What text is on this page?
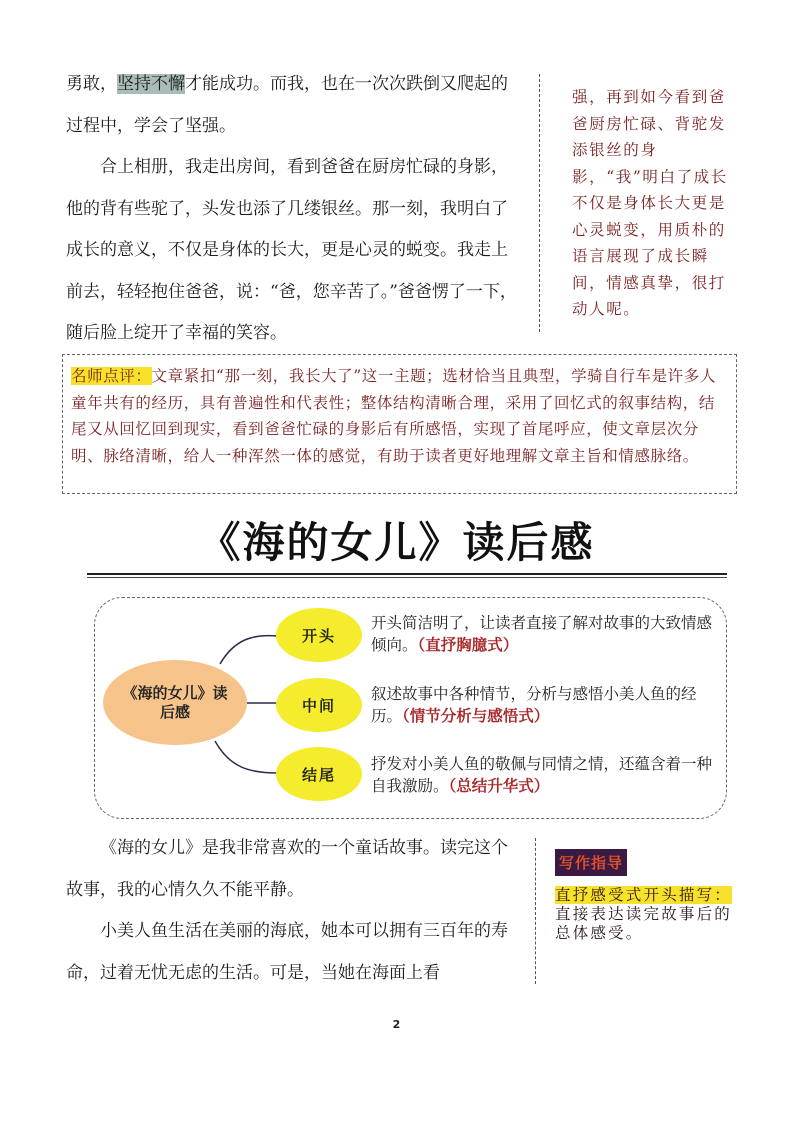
勇敢，坚持不懈才能成功。而我，也在一次次跌倒又爬起的过程中，学会了坚强。

合上相册，我走出房间，看到爸爸在厨房忙碌的身影，他的背有些驼了，头发也添了几缕银丝。那一刻，我明白了成长的意义，不仅是身体的长大，更是心灵的蜕变。我走上前去，轻轻抱住爸爸，说：“爸，您辛苦了。”爸爸愣了一下，随后脸上绽开了幸福的笑容。

强，再到如今看到爸爸厨房忙碌、背驼发添银丝的身影，“我”明白了成长不仅是身体长大更是心灵蜕变，用质朴的语言展现了成长瞬间，情感真挚，很打动人呢。
名师点评：文章紧扣“那一刻，我长大了”这一主题；选材恰当且典型，学骑自行车是许多人童年共有的经历，具有普遍性和代表性；整体结构清晰合理，采用了回忆式的叙事结构，结尾又从回忆回到现实，看到爸爸忙碌的身影后有所感悟，实现了首尾呼应，使文章层次分明、脉络清晰，给人一种浑然一体的感觉，有助于读者更好地理解文章主旨和情感脉络。
《海的女儿》读后感
《海的女儿》读后感
开头
开头简洁明了，让读者直接了解对故事的大致情感倾向。（直抒胸臆式）
中间
叙述故事中各种情节，分析与感悟小美人鱼的经历。（情节分析与感悟式）
结尾
抒发对小美人鱼的敬佩与同情之情，还蕴含着一种自我激励。（总结升华式）

《海的女儿》是我非常喜欢的一个童话故事。读完这个故事，我的心情久久不能平静。

小美人鱼生活在美丽的海底，她本可以拥有三百年的寿命，过着无忧无虑的生活。可是，当她在海面上看

写作指导
直抒感受式开头描写：
直接表达读完故事后的总体感受。
2
